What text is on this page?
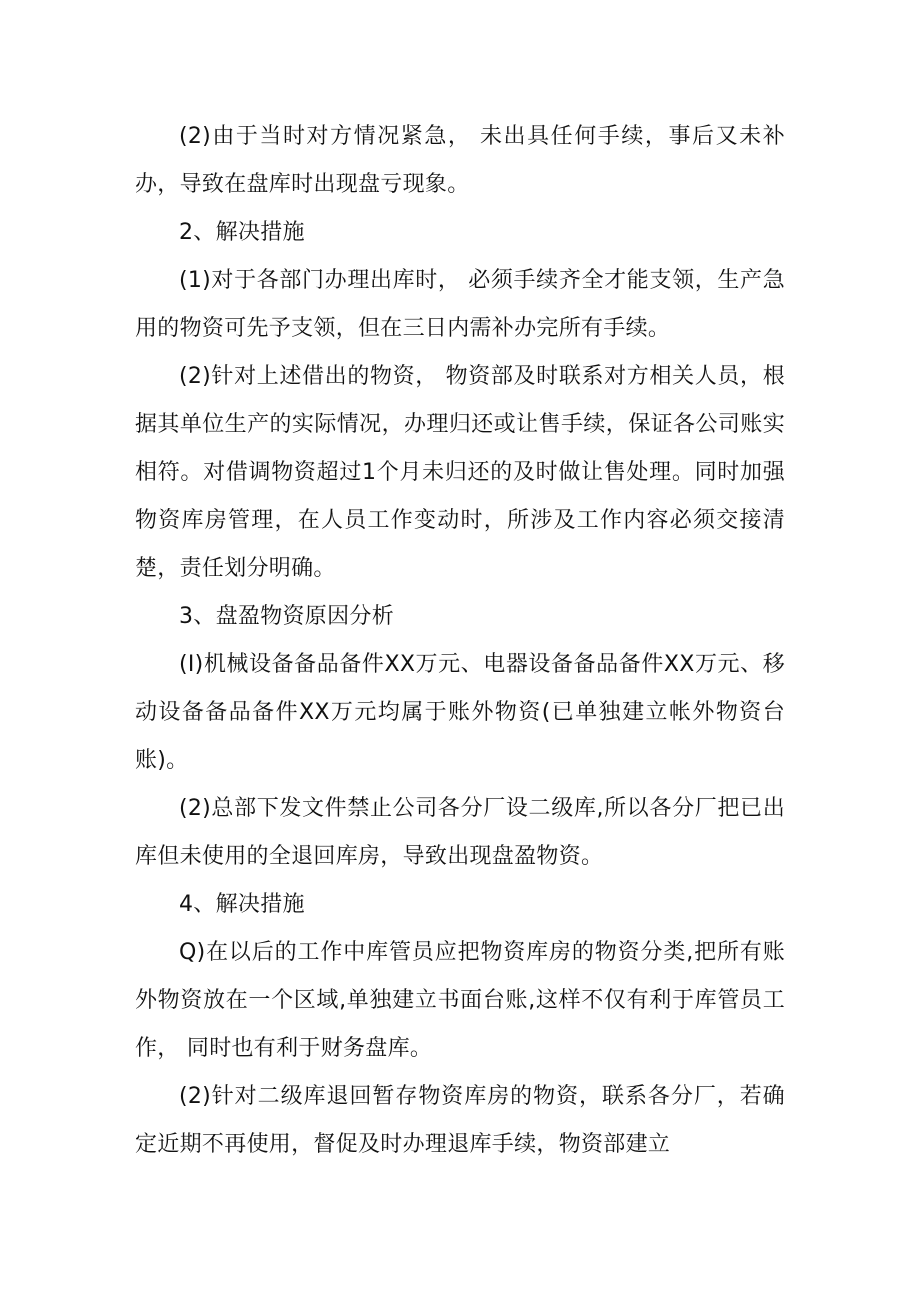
(2)由于当时对方情况紧急， 未出具任何手续，事后又未补办，导致在盘库时出现盘亏现象。

2、解决措施

(1)对于各部门办理出库时， 必须手续齐全才能支领，生产急用的物资可先予支领，但在三日内需补办完所有手续。

(2)针对上述借出的物资， 物资部及时联系对方相关人员，根据其单位生产的实际情况，办理归还或让售手续，保证各公司账实相符。对借调物资超过1个月未归还的及时做让售处理。同时加强物资库房管理，在人员工作变动时，所涉及工作内容必须交接清楚，责任划分明确。

3、盘盈物资原因分析

(I)机械设备备品备件XX万元、电器设备备品备件XX万元、移动设备备品备件XX万元均属于账外物资(已单独建立帐外物资台账)。

(2)总部下发文件禁止公司各分厂设二级库,所以各分厂把已出库但未使用的全退回库房，导致出现盘盈物资。

4、解决措施

Q)在以后的工作中库管员应把物资库房的物资分类,把所有账外物资放在一个区域,单独建立书面台账,这样不仅有利于库管员工作， 同时也有利于财务盘库。

(2)针对二级库退回暂存物资库房的物资，联系各分厂，若确定近期不再使用，督促及时办理退库手续，物资部建立
